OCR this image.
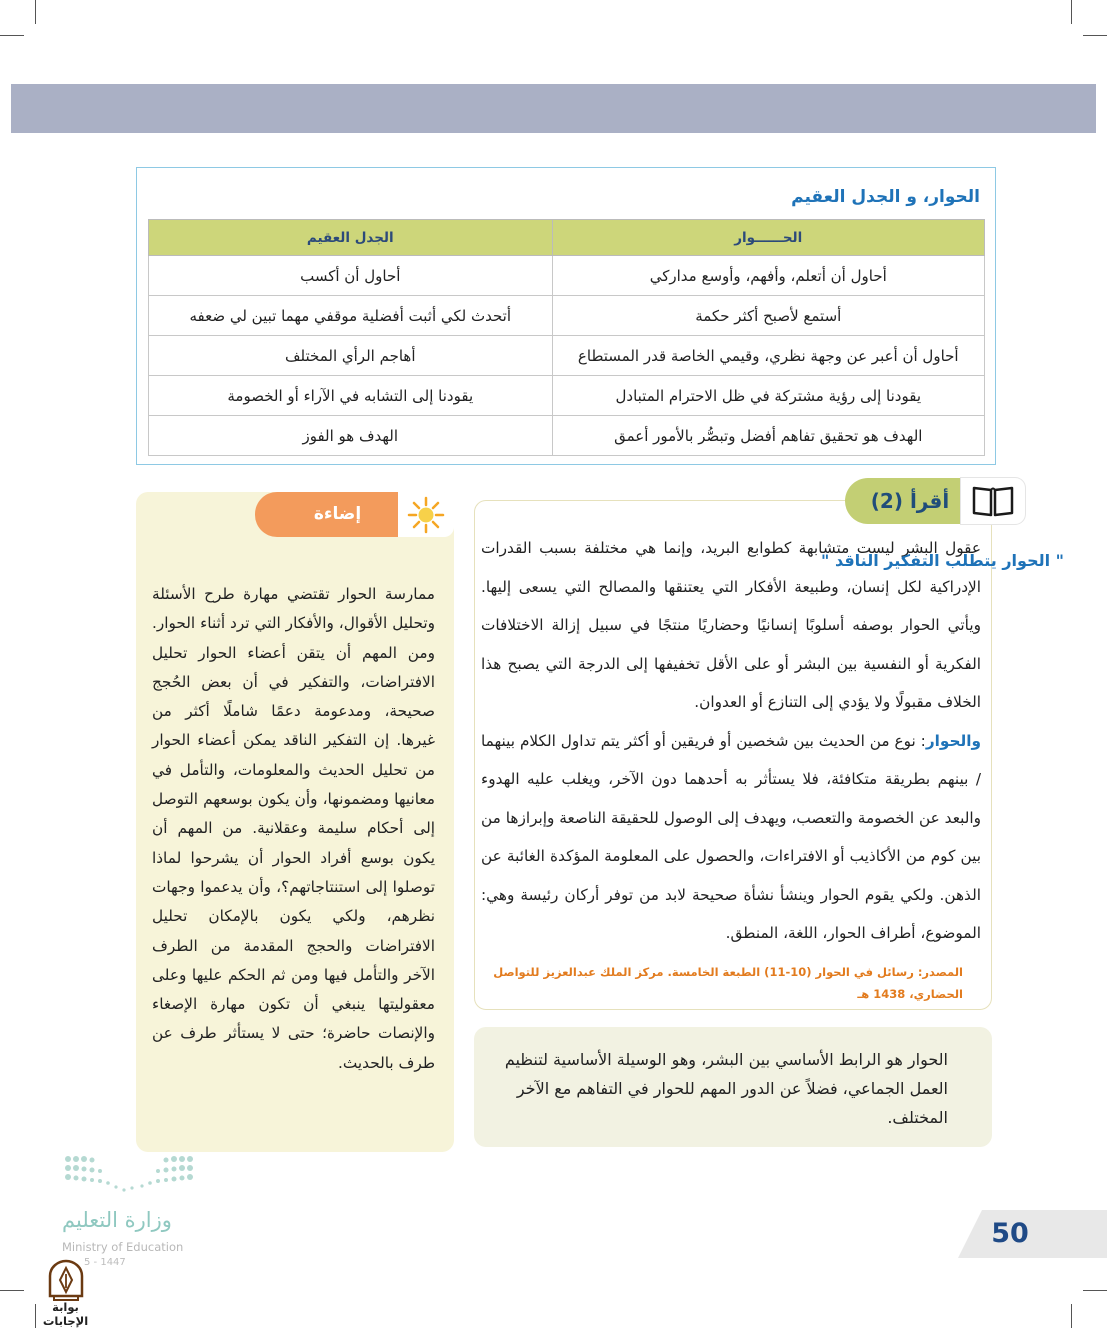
الحوار، و الجدل العقيم
الحــــــوار	الجدل العقيم
أحاول أن أتعلم، وأفهم، وأوسع مداركي	أحاول أن أكسب
أستمع لأصبح أكثر حكمة	أتحدث لكي أثبت أفضلية موقفي مهما تبين لي ضعفه
أحاول أن أعبر عن وجهة نظري، وقيمي الخاصة قدر المستطاع	أهاجم الرأي المختلف
يقودنا إلى رؤية مشتركة في ظل الاحترام المتبادل	يقودنا إلى التشابه في الآراء أو الخصومة
الهدف هو تحقيق تفاهم أفضل وتبصُّر بالأمور أعمق	الهدف هو الفوز

عقول البشر ليست متشابهة كطوابع البريد، وإنما هي مختلفة بسبب القدرات الإدراكية لكل إنسان، وطبيعة الأفكار التي يعتنقها والمصالح التي يسعى إليها. ويأتي الحوار بوصفه أسلوبًا إنسانيًا وحضاريًا منتجًا في سبيل إزالة الاختلافات الفكرية أو النفسية بين البشر أو على الأقل تخفيفها إلى الدرجة التي يصبح هذا الخلاف مقبولًا ولا يؤدي إلى التنازع أو العدوان.
والحوار: نوع من الحديث بين شخصين أو فريقين أو أكثر يتم تداول الكلام بينهما / بينهم بطريقة متكافئة، فلا يستأثر به أحدهما دون الآخر، ويغلب عليه الهدوء والبعد عن الخصومة والتعصب، ويهدف إلى الوصول للحقيقة الناصعة وإبرازها من بين كوم من الأكاذيب أو الافتراءات، والحصول على المعلومة المؤكدة الغائبة عن الذهن. ولكي يقوم الحوار وينشأ نشأة صحيحة لابد من توفر أركان رئيسة وهي: الموضوع، أطراف الحوار، اللغة، المنطق.

المصدر: رسائل في الحوار (10-11) الطبعة الخامسة. مركز الملك عبدالعزيز للتواصل الحضاري، 1438 هـ

أقرأ (2)

الحوار هو الرابط الأساسي بين البشر، وهو الوسيلة الأساسية لتنظيم العمل الجماعي، فضلاً عن الدور المهم للحوار في التفاهم مع الآخر المختلف.

إضاءة
" الحوار يتطلب التفكير الناقد "

ممارسة الحوار تقتضي مهارة طرح الأسئلة وتحليل الأقوال، والأفكار التي ترد أثناء الحوار. ومن المهم أن يتقن أعضاء الحوار تحليل الافتراضات، والتفكير في أن بعض الحُجج صحيحة، ومدعومة دعمًا شاملًا أكثر من غيرها. إن التفكير الناقد يمكن أعضاء الحوار من تحليل الحديث والمعلومات، والتأمل في معانيها ومضمونها، وأن يكون بوسعهم التوصل إلى أحكام سليمة وعقلانية. من المهم أن يكون بوسع أفراد الحوار أن يشرحوا لماذا توصلوا إلى استنتاجاتهم؟، وأن يدعموا وجهات نظرهم، ولكي يكون بالإمكان تحليل الافتراضات والحجج المقدمة من الطرف الآخر والتأمل فيها ومن ثم الحكم عليها وعلى معقوليتها ينبغي أن تكون مهارة الإصغاء والإنصات حاضرة؛ حتى لا يستأثر طرف عن طرف بالحديث.

50
وزارة التعليم
Ministry of Education
5 - 1447
بوابة الإجابات
